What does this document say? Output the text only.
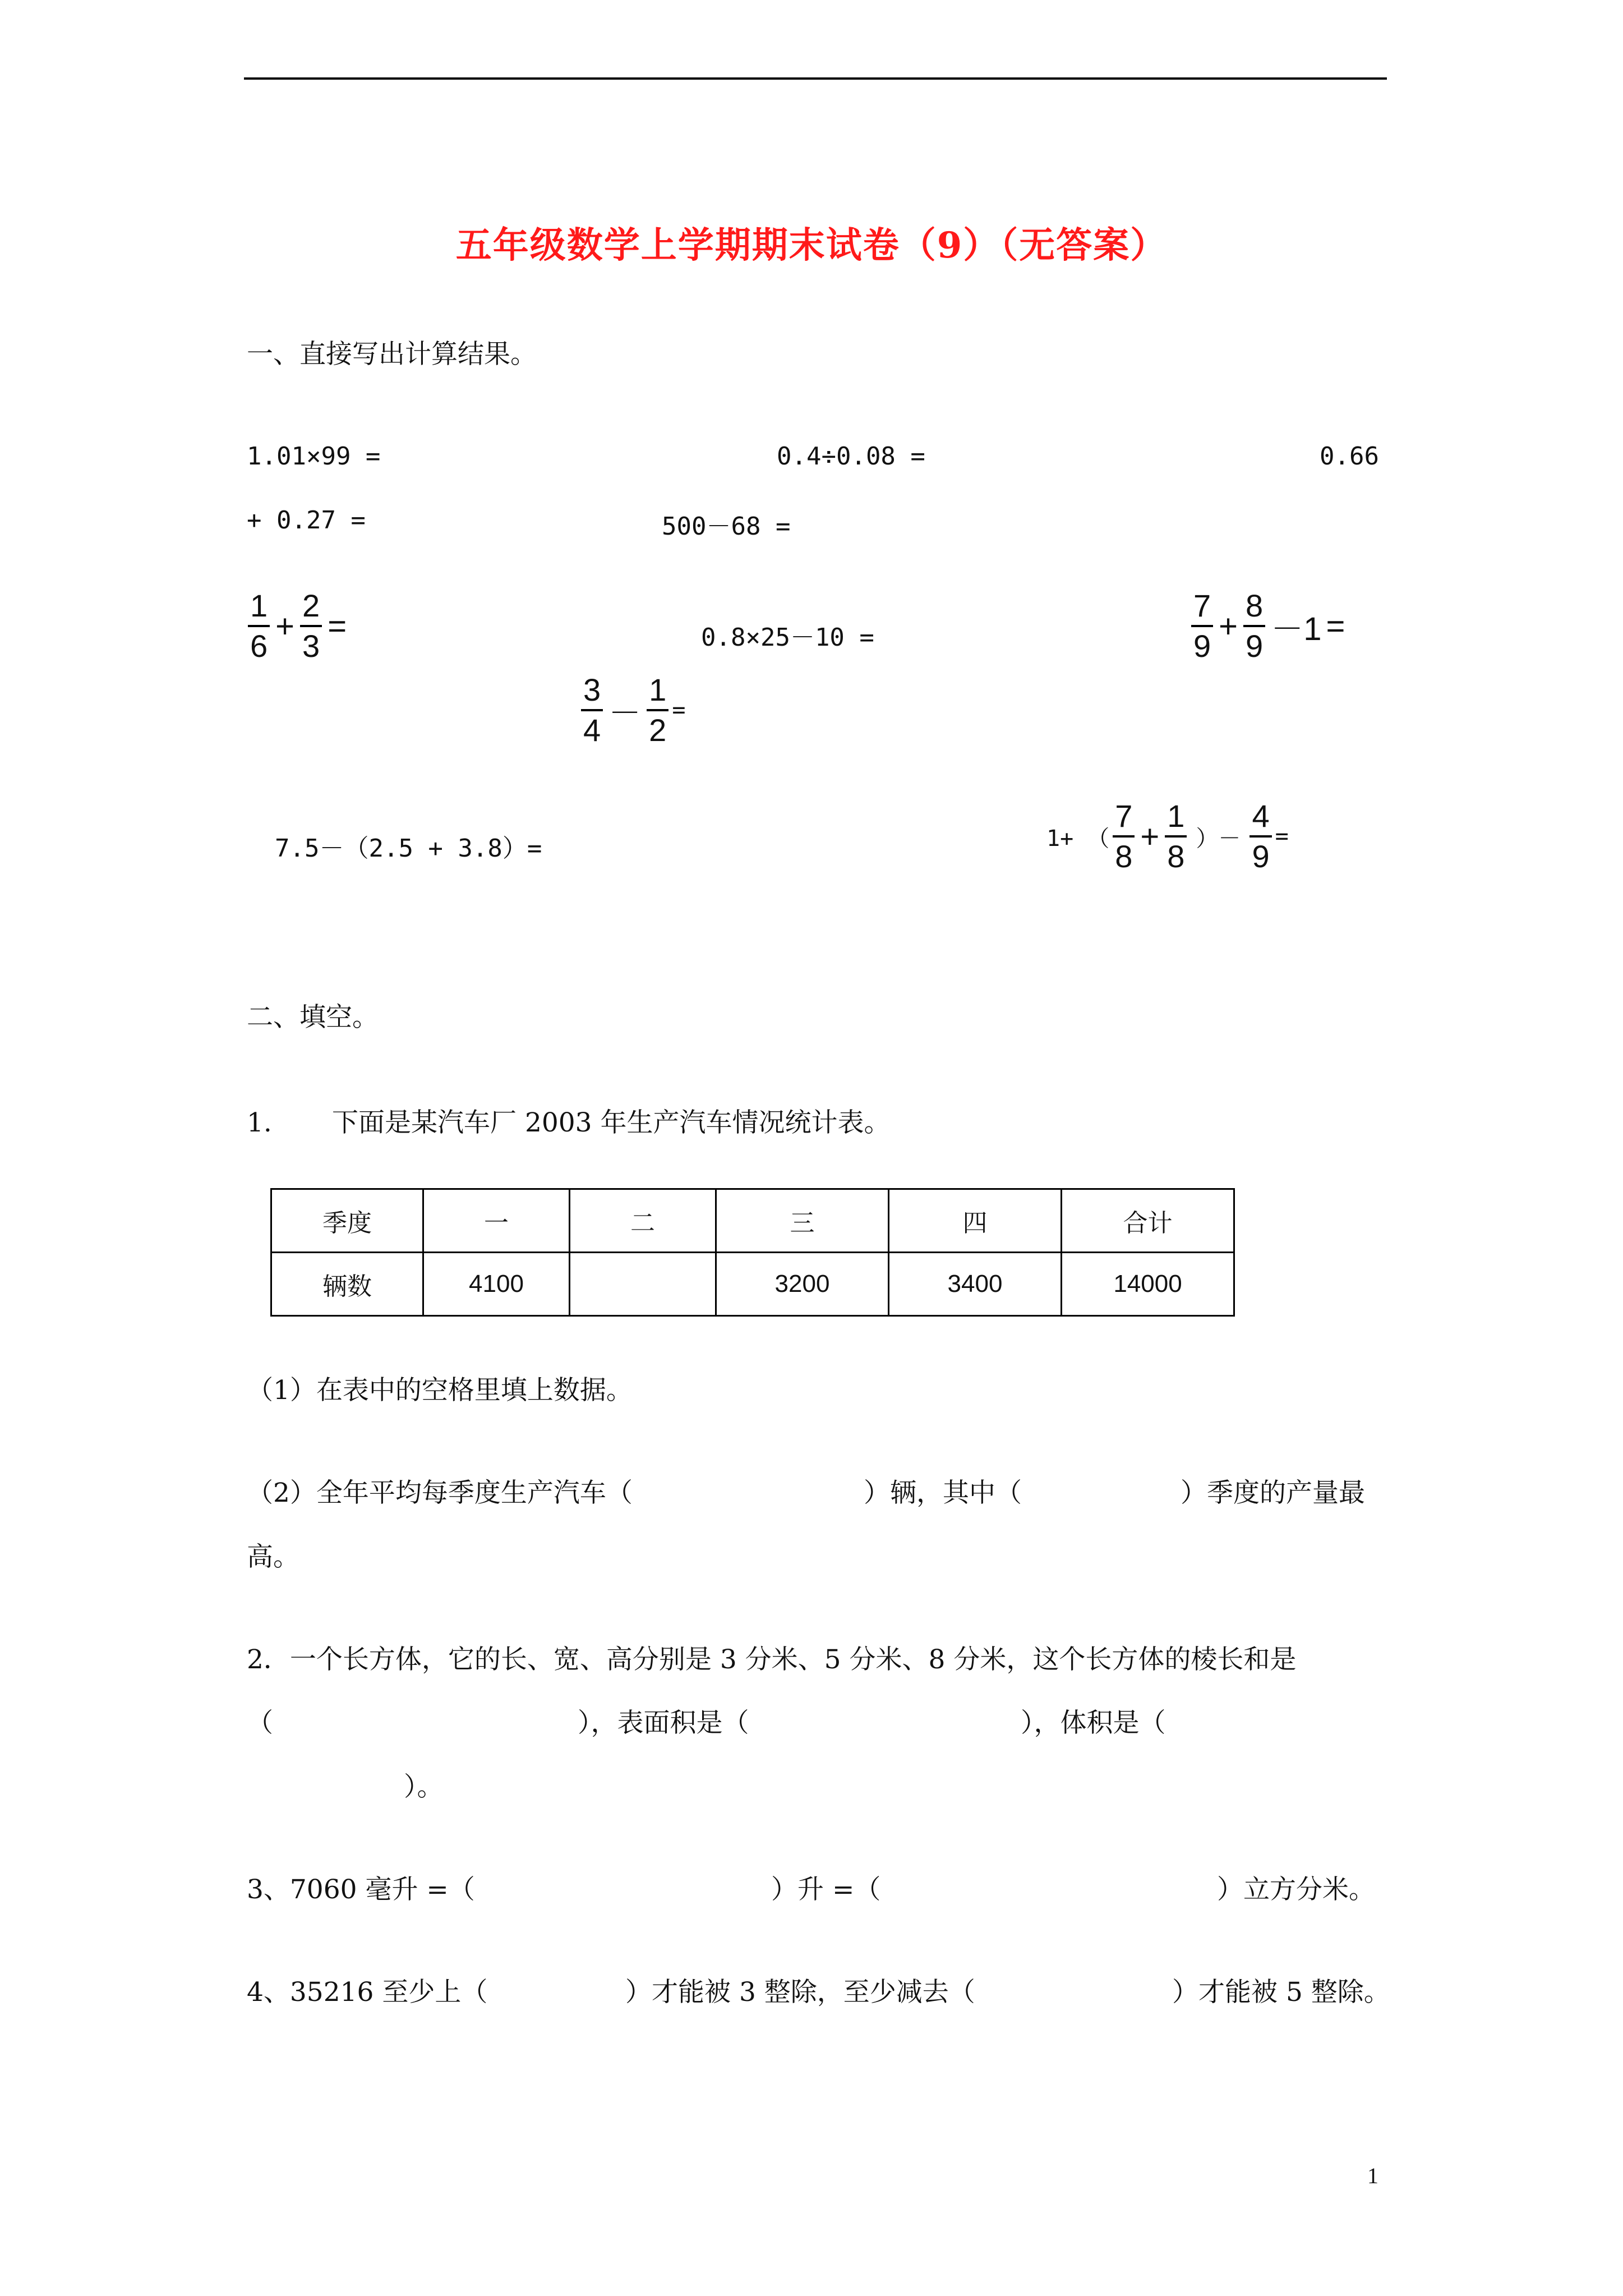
五年级数学上学期期末试卷（9）（无答案）
一、直接写出计算结果。
1.01×99 =	0.4÷0.08 =	0.66
+ 0.27 =	500－68 =
$\frac{1}{6} + \frac{2}{3}$ =	0.8×25－10 =	$\frac{7}{9} + \frac{8}{9} -1$ =
$\frac{3}{4} - \frac{1}{2}$ =
7.5－（2.5 + 3.8）=	1+ （ $\frac{7}{8} + \frac{1}{8}$ ）－ $\frac{4}{9}$ =
二、填空。
1. 下面是某汽车厂 2003 年生产汽车情况统计表。
季度	一	二	三	四	合计
辆数	4100		3200	3400	14000
（1）在表中的空格里填上数据。
（2）全年平均每季度生产汽车（	）辆，其中（	）季度的产量最
高。
2．一个长方体，它的长、宽、高分别是 3 分米、5 分米、8 分米，这个长方体的棱长和是
（	），表面积是（	），体积是（
）。
3、7060 毫升 =（	）升 =（	）立方分米。
4、35216 至少上（	）才能被 3 整除，至少减去（	）才能被 5 整除。
1
